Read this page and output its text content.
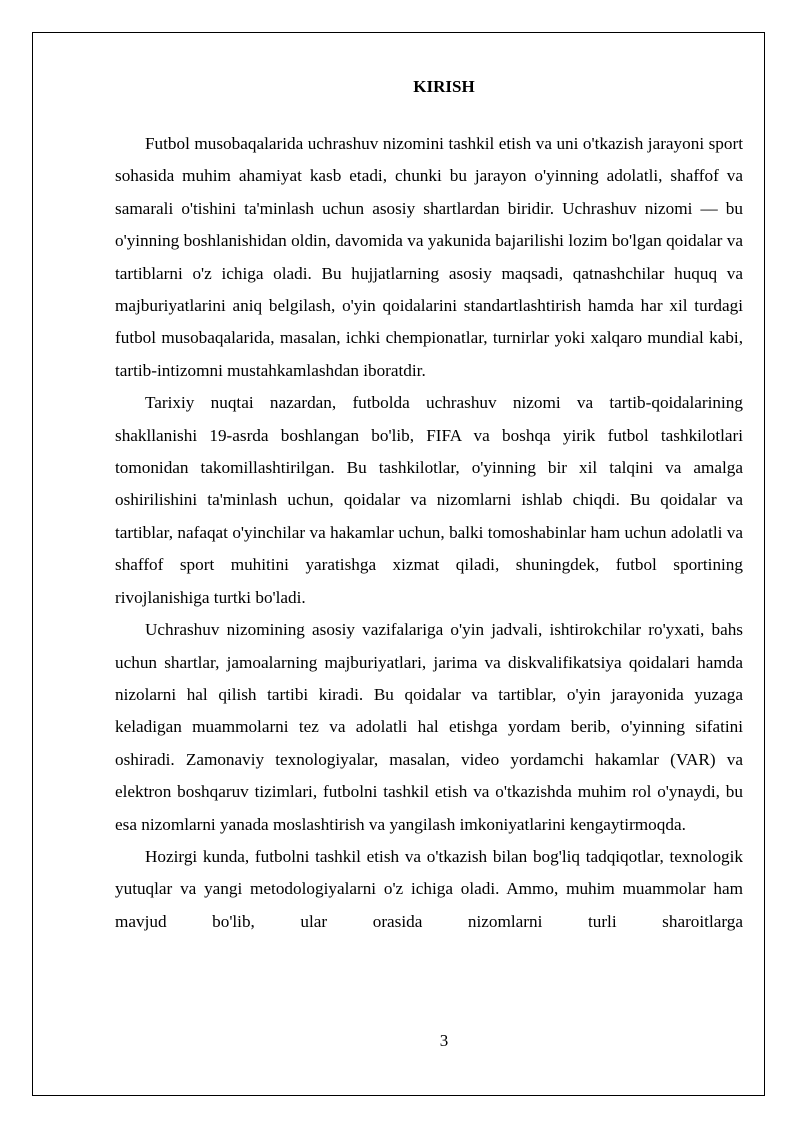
KIRISH

Futbol musobaqalarida uchrashuv nizomini tashkil etish va uni o'tkazish jarayoni sport sohasida muhim ahamiyat kasb etadi, chunki bu jarayon o'yinning adolatli, shaffof va samarali o'tishini ta'minlash uchun asosiy shartlardan biridir. Uchrashuv nizomi — bu o'yinning boshlanishidan oldin, davomida va yakunida bajarilishi lozim bo'lgan qoidalar va tartiblarni o'z ichiga oladi. Bu hujjatlarning asosiy maqsadi, qatnashchilar huquq va majburiyatlarini aniq belgilash, o'yin qoidalarini standartlashtirish hamda har xil turdagi futbol musobaqalarida, masalan, ichki chempionatlar, turnirlar yoki xalqaro mundial kabi, tartib-intizomni mustahkamlashdan iboratdir.

Tarixiy nuqtai nazardan, futbolda uchrashuv nizomi va tartib-qoidalarining shakllanishi 19-asrda boshlangan bo'lib, FIFA va boshqa yirik futbol tashkilotlari tomonidan takomillashtirilgan. Bu tashkilotlar, o'yinning bir xil talqini va amalga oshirilishini ta'minlash uchun, qoidalar va nizomlarni ishlab chiqdi. Bu qoidalar va tartiblar, nafaqat o'yinchilar va hakamlar uchun, balki tomoshabinlar ham uchun adolatli va shaffof sport muhitini yaratishga xizmat qiladi, shuningdek, futbol sportining rivojlanishiga turtki bo'ladi.

Uchrashuv nizomining asosiy vazifalariga o'yin jadvali, ishtirokchilar ro'yxati, bahs uchun shartlar, jamoalarning majburiyatlari, jarima va diskvalifikatsiya qoidalari hamda nizolarni hal qilish tartibi kiradi. Bu qoidalar va tartiblar, o'yin jarayonida yuzaga keladigan muammolarni tez va adolatli hal etishga yordam berib, o'yinning sifatini oshiradi. Zamonaviy texnologiyalar, masalan, video yordamchi hakamlar (VAR) va elektron boshqaruv tizimlari, futbolni tashkil etish va o'tkazishda muhim rol o'ynaydi, bu esa nizomlarni yanada moslashtirish va yangilash imkoniyatlarini kengaytirmoqda.

Hozirgi kunda, futbolni tashkil etish va o'tkazish bilan bog'liq tadqiqotlar, texnologik yutuqlar va yangi metodologiyalarni o'z ichiga oladi. Ammo, muhim muammolar ham mavjud bo'lib, ular orasida nizomlarni turli sharoitlarga

3
